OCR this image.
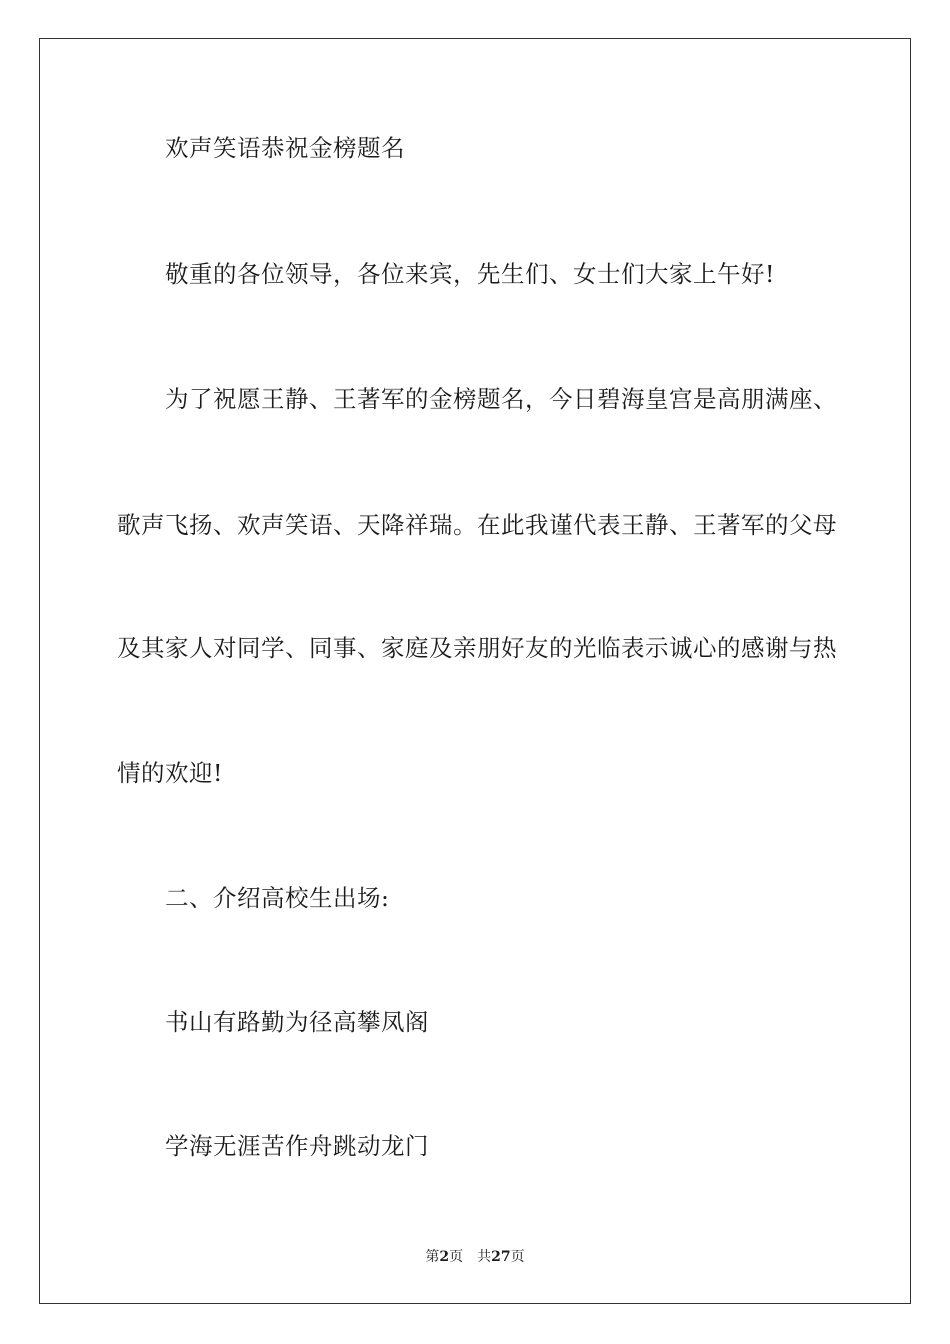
欢声笑语恭祝金榜题名
敬重的各位领导，各位来宾，先生们、女士们大家上午好!
为了祝愿王静、王著军的金榜题名，今日碧海皇宫是高朋满座、
歌声飞扬、欢声笑语、天降祥瑞。在此我谨代表王静、王著军的父母
及其家人对同学、同事、家庭及亲朋好友的光临表示诚心的感谢与热
情的欢迎!
二、介绍高校生出场:
书山有路勤为径高攀凤阁
学海无涯苦作舟跳动龙门
第2页 共27页
